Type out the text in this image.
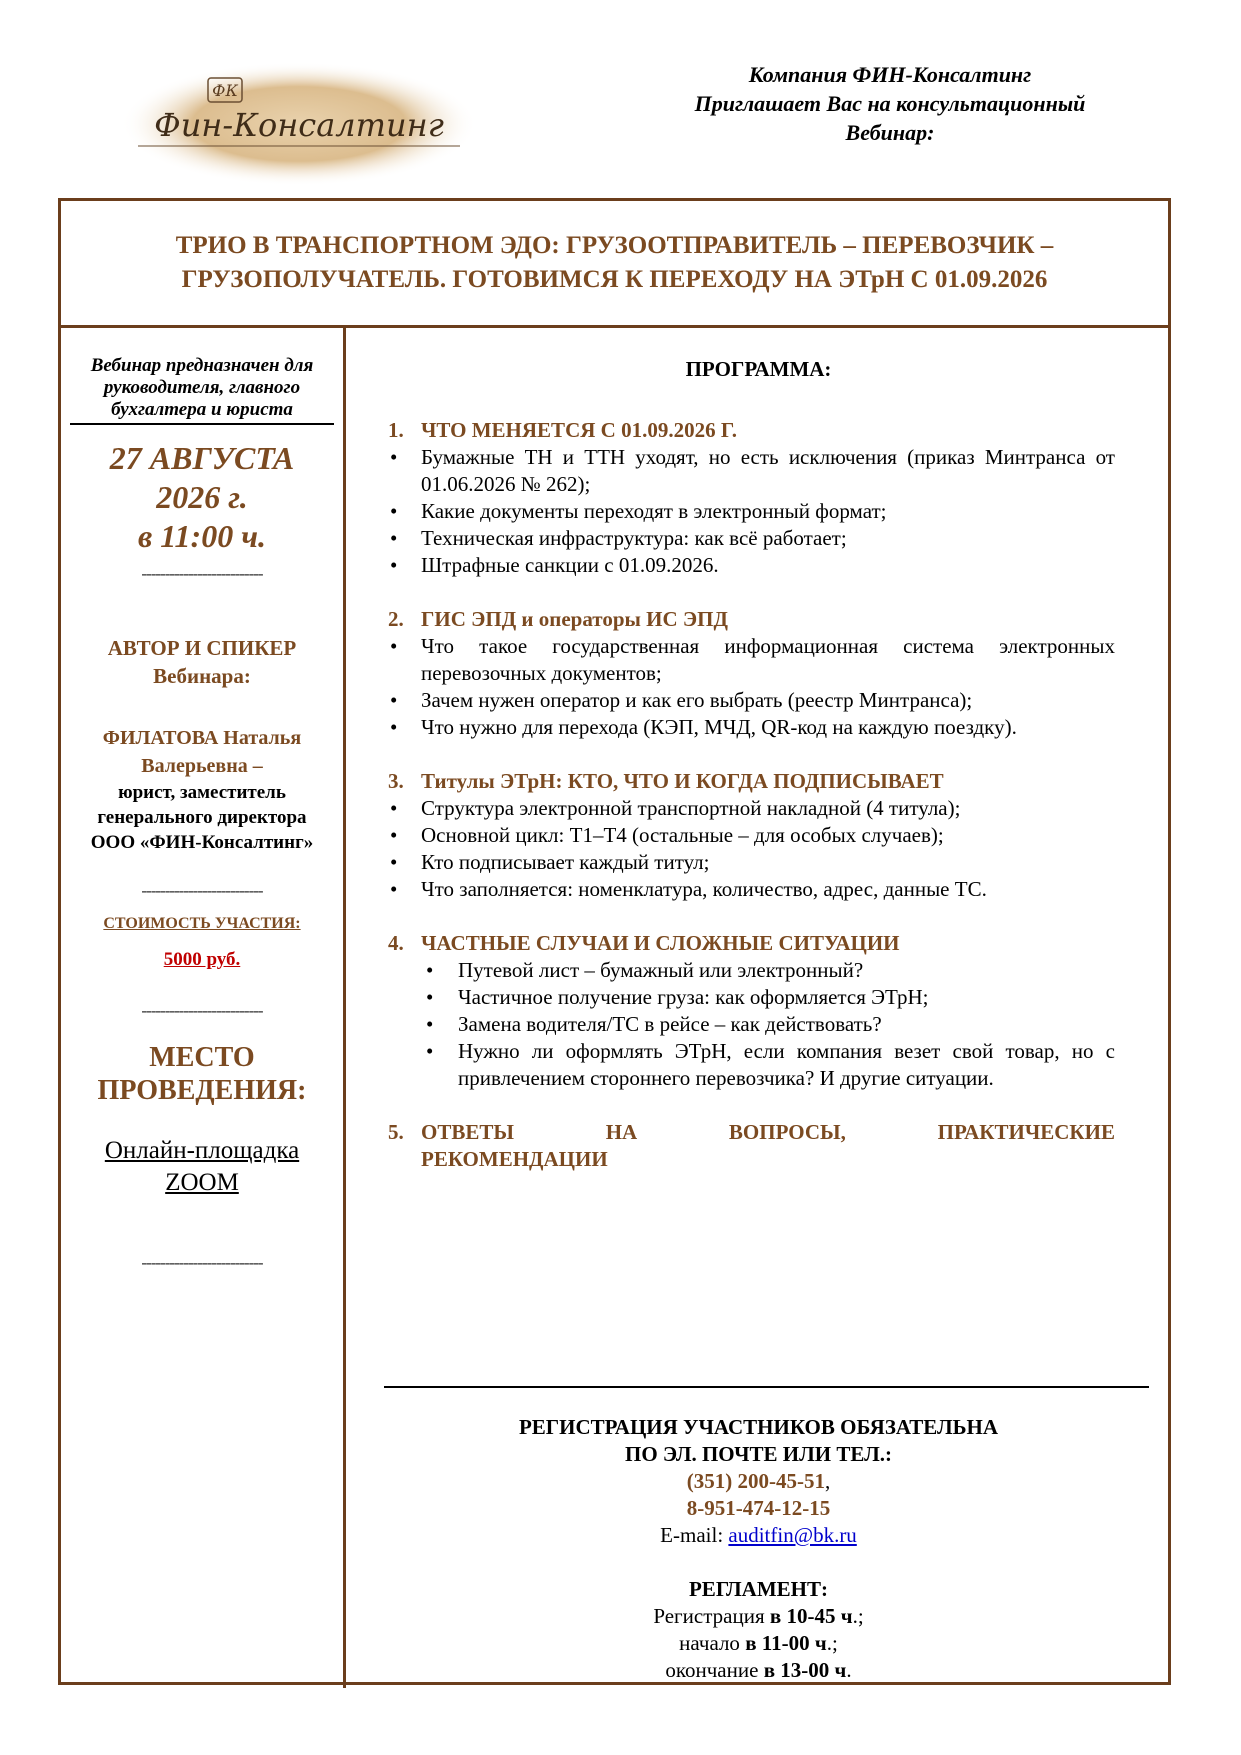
ФК
Фин-Консалтинг
Компания ФИН-Консалтинг
Приглашает Вас на консультационный
Вебинар:
ТРИО В ТРАНСПОРТНОМ ЭДО: ГРУЗООТПРАВИТЕЛЬ – ПЕРЕВОЗЧИК –
ГРУЗОПОЛУЧАТЕЛЬ. ГОТОВИМСЯ К ПЕРЕХОДУ НА ЭТрН С 01.09.2026
Вебинар предназначен для руководителя, главного бухгалтера и юриста
27 АВГУСТА
2026 г.
в 11:00 ч.
--------------------------
АВТОР И СПИКЕР
Вебинара:
ФИЛАТОВА Наталья
Валерьевна –
юрист, заместитель
генерального директора
ООО «ФИН-Консалтинг»
--------------------------
СТОИМОСТЬ УЧАСТИЯ:
5000 руб.
--------------------------
МЕСТО
ПРОВЕДЕНИЯ:
Онлайн-площадка
ZOOM
--------------------------
ПРОГРАММА:
1. ЧТО МЕНЯЕТСЯ С 01.09.2026 Г.
• Бумажные ТН и ТТН уходят, но есть исключения (приказ Минтранса от 01.06.2026 № 262);
• Какие документы переходят в электронный формат;
• Техническая инфраструктура: как всё работает;
• Штрафные санкции с 01.09.2026.
2. ГИС ЭПД и операторы ИС ЭПД
• Что такое государственная информационная система электронных перевозочных документов;
• Зачем нужен оператор и как его выбрать (реестр Минтранса);
• Что нужно для перехода (КЭП, МЧД, QR-код на каждую поездку).
3. Титулы ЭТрН: КТО, ЧТО И КОГДА ПОДПИСЫВАЕТ
• Структура электронной транспортной накладной (4 титула);
• Основной цикл: Т1–Т4 (остальные – для особых случаев);
• Кто подписывает каждый титул;
• Что заполняется: номенклатура, количество, адрес, данные ТС.
4. ЧАСТНЫЕ СЛУЧАИ И СЛОЖНЫЕ СИТУАЦИИ
• Путевой лист – бумажный или электронный?
• Частичное получение груза: как оформляется ЭТрН;
• Замена водителя/ТС в рейсе – как действовать?
• Нужно ли оформлять ЭТрН, если компания везет свой товар, но с привлечением стороннего перевозчика? И другие ситуации.
5. ОТВЕТЫ НА ВОПРОСЫ, ПРАКТИЧЕСКИЕ
РЕКОМЕНДАЦИИ
РЕГИСТРАЦИЯ УЧАСТНИКОВ ОБЯЗАТЕЛЬНА
ПО ЭЛ. ПОЧТЕ ИЛИ ТЕЛ.:
(351) 200-45-51,
8-951-474-12-15
E-mail: auditfin@bk.ru
РЕГЛАМЕНТ:
Регистрация в 10-45 ч.;
начало в 11-00 ч.;
окончание в 13-00 ч.
